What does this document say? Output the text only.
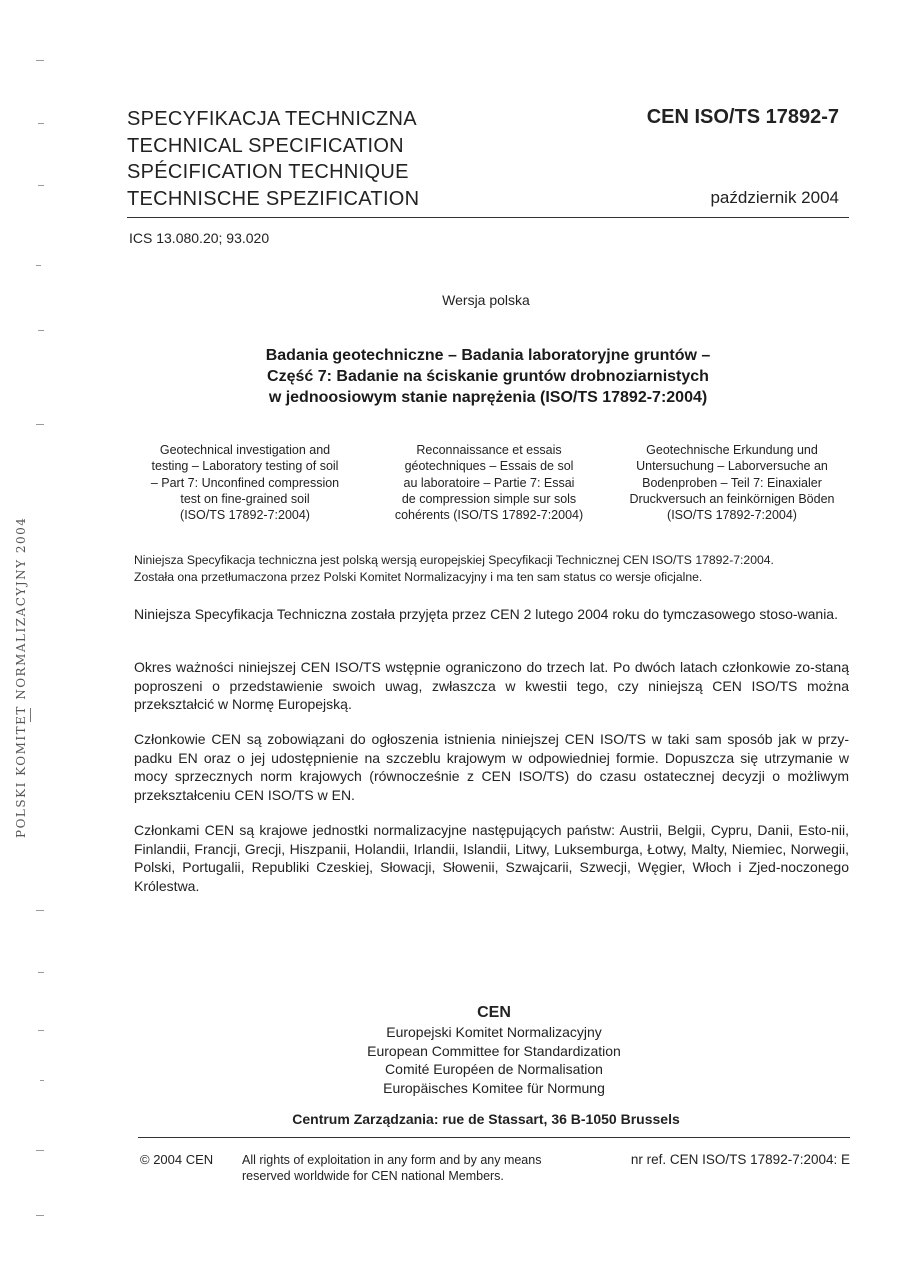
SPECYFIKACJA TECHNICZNA
TECHNICAL SPECIFICATION
SPÉCIFICATION TECHNIQUE
TECHNISCHE SPEZIFICATION
CEN ISO/TS 17892-7
październik 2004
ICS 13.080.20; 93.020
Wersja polska
Badania geotechniczne – Badania laboratoryjne gruntów –
Część 7: Badanie na ściskanie gruntów drobnoziarnistych
w jednoosiowym stanie naprężenia (ISO/TS 17892-7:2004)
Geotechnical investigation and
testing – Laboratory testing of soil
– Part 7: Unconfined compression
test on fine-grained soil
(ISO/TS 17892-7:2004)
Reconnaissance et essais
géotechniques – Essais de sol
au laboratoire – Partie 7: Essai
de compression simple sur sols
cohérents (ISO/TS 17892-7:2004)
Geotechnische Erkundung und
Untersuchung – Laborversuche an
Bodenproben – Teil 7: Einaxialer
Druckversuch an feinkörnigen Böden
(ISO/TS 17892-7:2004)
Niniejsza Specyfikacja techniczna jest polską wersją europejskiej Specyfikacji Technicznej CEN ISO/TS 17892-7:2004.
Została ona przetłumaczona przez Polski Komitet Normalizacyjny i ma ten sam status co wersje oficjalne.
Niniejsza Specyfikacja Techniczna została przyjęta przez CEN 2 lutego 2004 roku do tymczasowego stoso-wania.
Okres ważności niniejszej CEN ISO/TS wstępnie ograniczono do trzech lat. Po dwóch latach członkowie zo-staną poproszeni o przedstawienie swoich uwag, zwłaszcza w kwestii tego, czy niniejszą CEN ISO/TS można przekształcić w Normę Europejską.
Członkowie CEN są zobowiązani do ogłoszenia istnienia niniejszej CEN ISO/TS w taki sam sposób jak w przy-padku EN oraz o jej udostępnienie na szczeblu krajowym w odpowiedniej formie. Dopuszcza się utrzymanie w mocy sprzecznych norm krajowych (równocześnie z CEN ISO/TS) do czasu ostatecznej decyzji o możliwym przekształceniu CEN ISO/TS w EN.
Członkami CEN są krajowe jednostki normalizacyjne następujących państw: Austrii, Belgii, Cypru, Danii, Esto-nii, Finlandii, Francji, Grecji, Hiszpanii, Holandii, Irlandii, Islandii, Litwy, Luksemburga, Łotwy, Malty, Niemiec, Norwegii, Polski, Portugalii, Republiki Czeskiej, Słowacji, Słowenii, Szwajcarii, Szwecji, Węgier, Włoch i Zjed-noczonego Królestwa.
CEN
Europejski Komitet Normalizacyjny
European Committee for Standardization
Comité Européen de Normalisation
Europäisches Komitee für Normung
Centrum Zarządzania: rue de Stassart, 36 B-1050 Brussels
© 2004 CEN All rights of exploitation in any form and by any means
reserved worldwide for CEN national Members.
nr ref. CEN ISO/TS 17892-7:2004: E
POLSKI KOMITET NORMALIZACYJNY 2004
